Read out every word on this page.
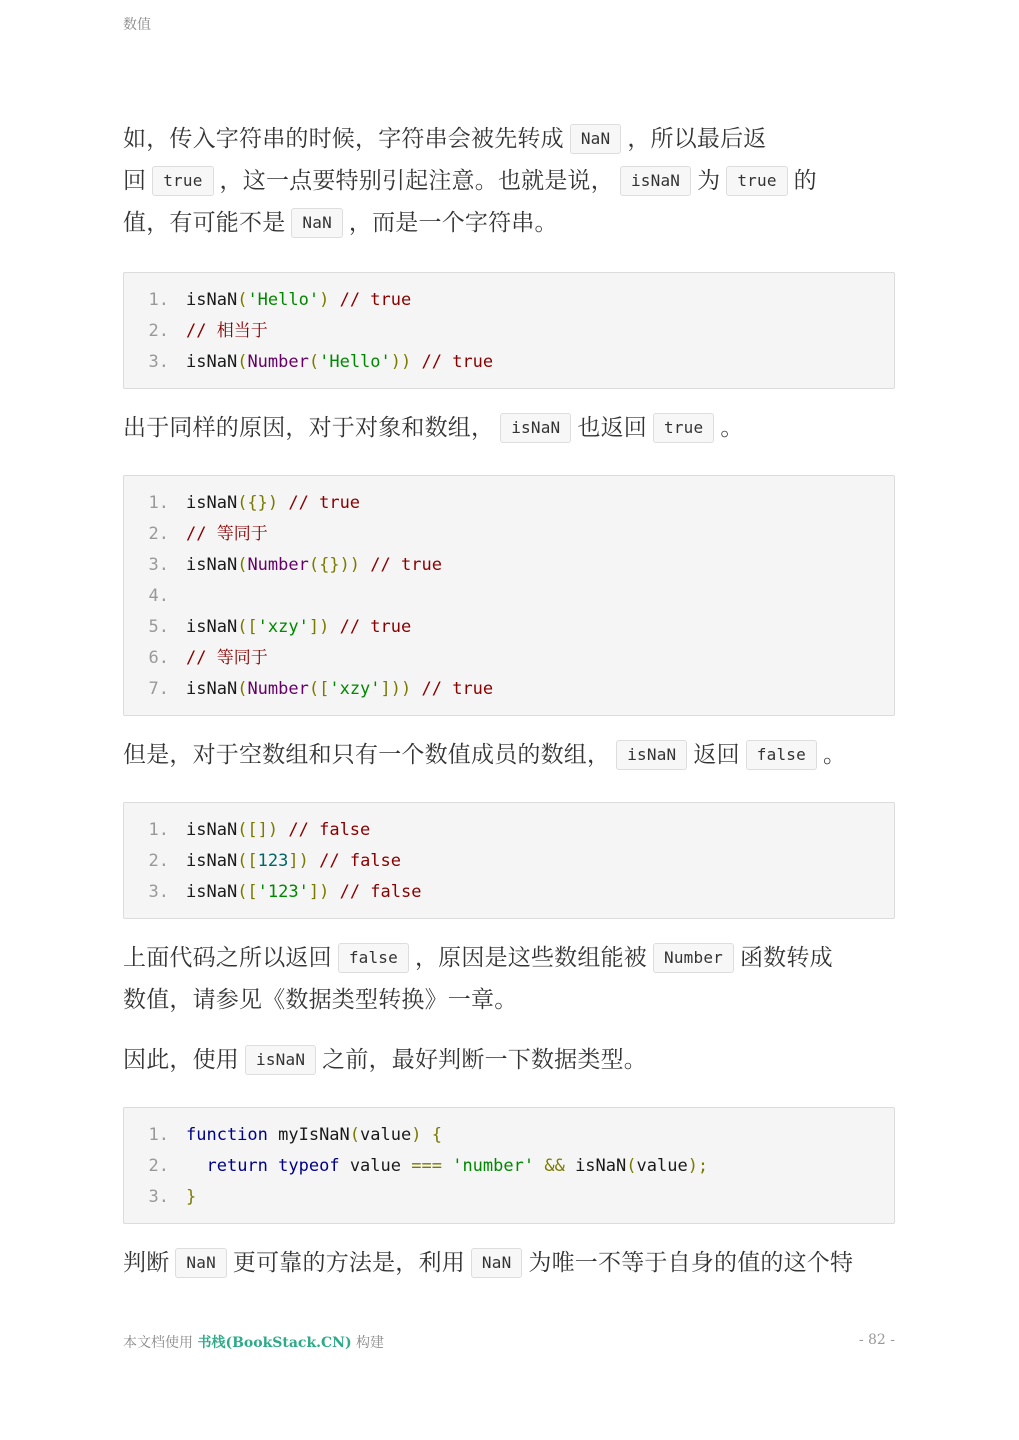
数值

如，传入字符串的时候，字符串会被先转成 NaN ，所以最后返
回 true ，这一点要特别引起注意。也就是说， isNaN 为 true 的
值，有可能不是 NaN ，而是一个字符串。

1. isNaN('Hello') // true
2. // 相当于
3. isNaN(Number('Hello')) // true

出于同样的原因，对于对象和数组， isNaN 也返回 true 。

1. isNaN({}) // true
2. // 等同于
3. isNaN(Number({})) // true
4.
5. isNaN(['xzy']) // true
6. // 等同于
7. isNaN(Number(['xzy'])) // true

但是，对于空数组和只有一个数值成员的数组， isNaN 返回 false 。

1. isNaN([]) // false
2. isNaN([123]) // false
3. isNaN(['123']) // false

上面代码之所以返回 false ，原因是这些数组能被 Number 函数转成
数值，请参见《数据类型转换》一章。

因此，使用 isNaN 之前，最好判断一下数据类型。

1. function myIsNaN(value) {
2. return typeof value === 'number' && isNaN(value);
3. }

判断 NaN 更可靠的方法是，利用 NaN 为唯一不等于自身的值的这个特

本文档使用 书栈(BookStack.CN) 构建	- 82 -
